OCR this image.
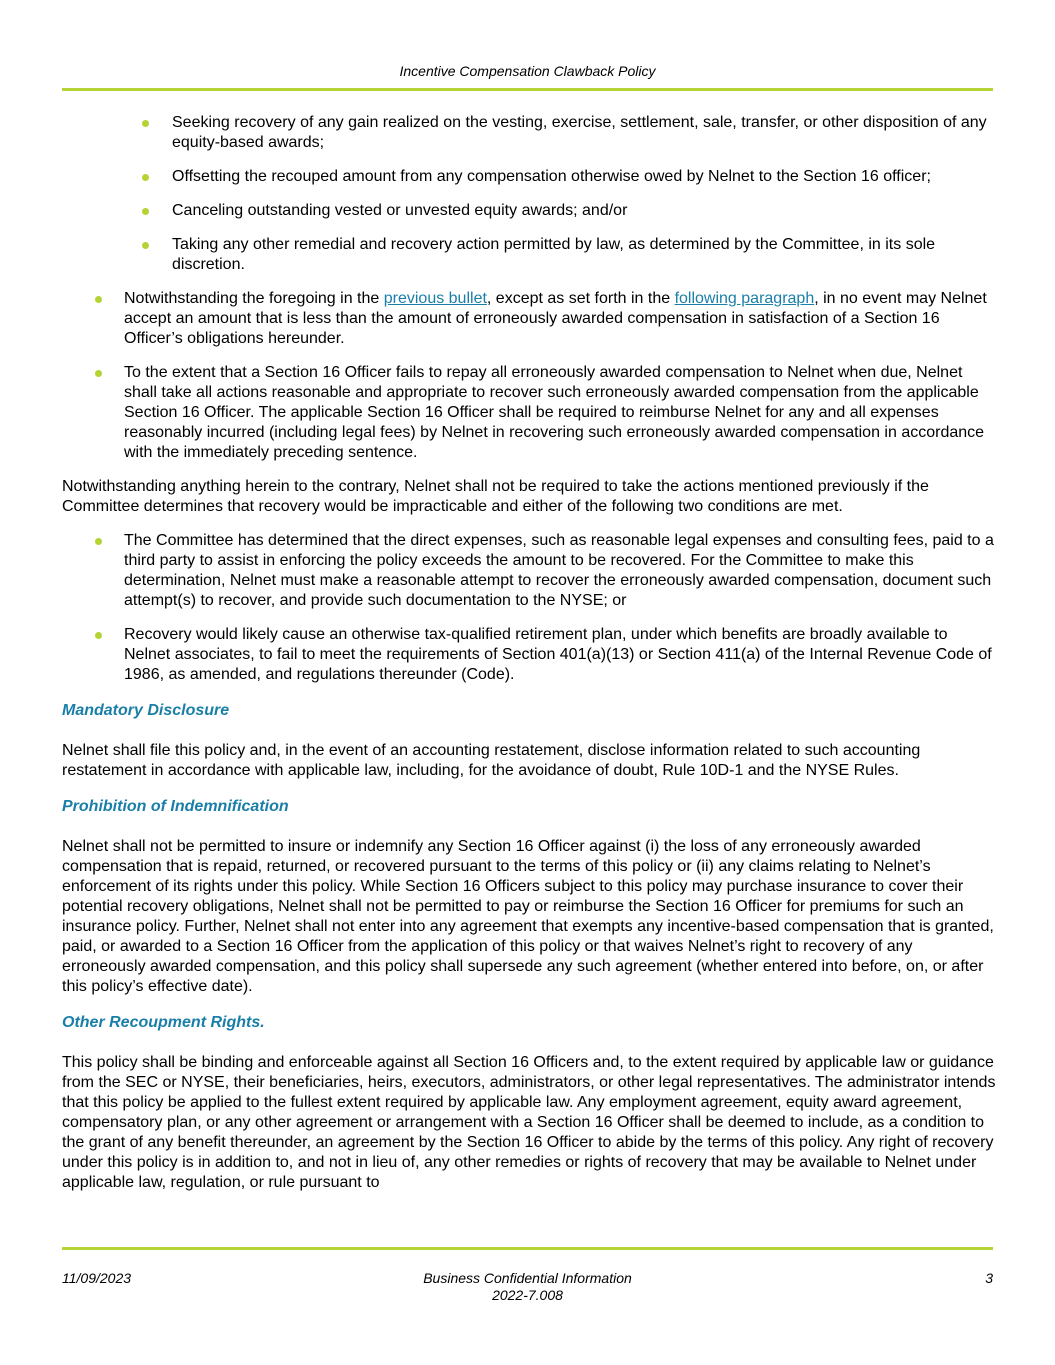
Incentive Compensation Clawback Policy
Seeking recovery of any gain realized on the vesting, exercise, settlement, sale, transfer, or other disposition of any equity-based awards;
Offsetting the recouped amount from any compensation otherwise owed by Nelnet to the Section 16 officer;
Canceling outstanding vested or unvested equity awards; and/or
Taking any other remedial and recovery action permitted by law, as determined by the Committee, in its sole discretion.
Notwithstanding the foregoing in the previous bullet, except as set forth in the following paragraph, in no event may Nelnet accept an amount that is less than the amount of erroneously awarded compensation in satisfaction of a Section 16 Officer’s obligations hereunder.
To the extent that a Section 16 Officer fails to repay all erroneously awarded compensation to Nelnet when due, Nelnet shall take all actions reasonable and appropriate to recover such erroneously awarded compensation from the applicable Section 16 Officer. The applicable Section 16 Officer shall be required to reimburse Nelnet for any and all expenses reasonably incurred (including legal fees) by Nelnet in recovering such erroneously awarded compensation in accordance with the immediately preceding sentence.

Notwithstanding anything herein to the contrary, Nelnet shall not be required to take the actions mentioned previously if the Committee determines that recovery would be impracticable and either of the following two conditions are met.

The Committee has determined that the direct expenses, such as reasonable legal expenses and consulting fees, paid to a third party to assist in enforcing the policy exceeds the amount to be recovered. For the Committee to make this determination, Nelnet must make a reasonable attempt to recover the erroneously awarded compensation, document such attempt(s) to recover, and provide such documentation to the NYSE; or
Recovery would likely cause an otherwise tax-qualified retirement plan, under which benefits are broadly available to Nelnet associates, to fail to meet the requirements of Section 401(a)(13) or Section 411(a) of the Internal Revenue Code of 1986, as amended, and regulations thereunder (Code).
Mandatory Disclosure

Nelnet shall file this policy and, in the event of an accounting restatement, disclose information related to such accounting restatement in accordance with applicable law, including, for the avoidance of doubt, Rule 10D-1 and the NYSE Rules.

Prohibition of Indemnification

Nelnet shall not be permitted to insure or indemnify any Section 16 Officer against (i) the loss of any erroneously awarded compensation that is repaid, returned, or recovered pursuant to the terms of this policy or (ii) any claims relating to Nelnet’s enforcement of its rights under this policy. While Section 16 Officers subject to this policy may purchase insurance to cover their potential recovery obligations, Nelnet shall not be permitted to pay or reimburse the Section 16 Officer for premiums for such an insurance policy. Further, Nelnet shall not enter into any agreement that exempts any incentive-based compensation that is granted, paid, or awarded to a Section 16 Officer from the application of this policy or that waives Nelnet’s right to recovery of any erroneously awarded compensation, and this policy shall supersede any such agreement (whether entered into before, on, or after this policy’s effective date).

Other Recoupment Rights.

This policy shall be binding and enforceable against all Section 16 Officers and, to the extent required by applicable law or guidance from the SEC or NYSE, their beneficiaries, heirs, executors, administrators, or other legal representatives. The administrator intends that this policy be applied to the fullest extent required by applicable law. Any employment agreement, equity award agreement, compensatory plan, or any other agreement or arrangement with a Section 16 Officer shall be deemed to include, as a condition to the grant of any benefit thereunder, an agreement by the Section 16 Officer to abide by the terms of this policy. Any right of recovery under this policy is in addition to, and not in lieu of, any other remedies or rights of recovery that may be available to Nelnet under applicable law, regulation, or rule pursuant to

11/09/2023	Business Confidential Information
2022-7.008
3
